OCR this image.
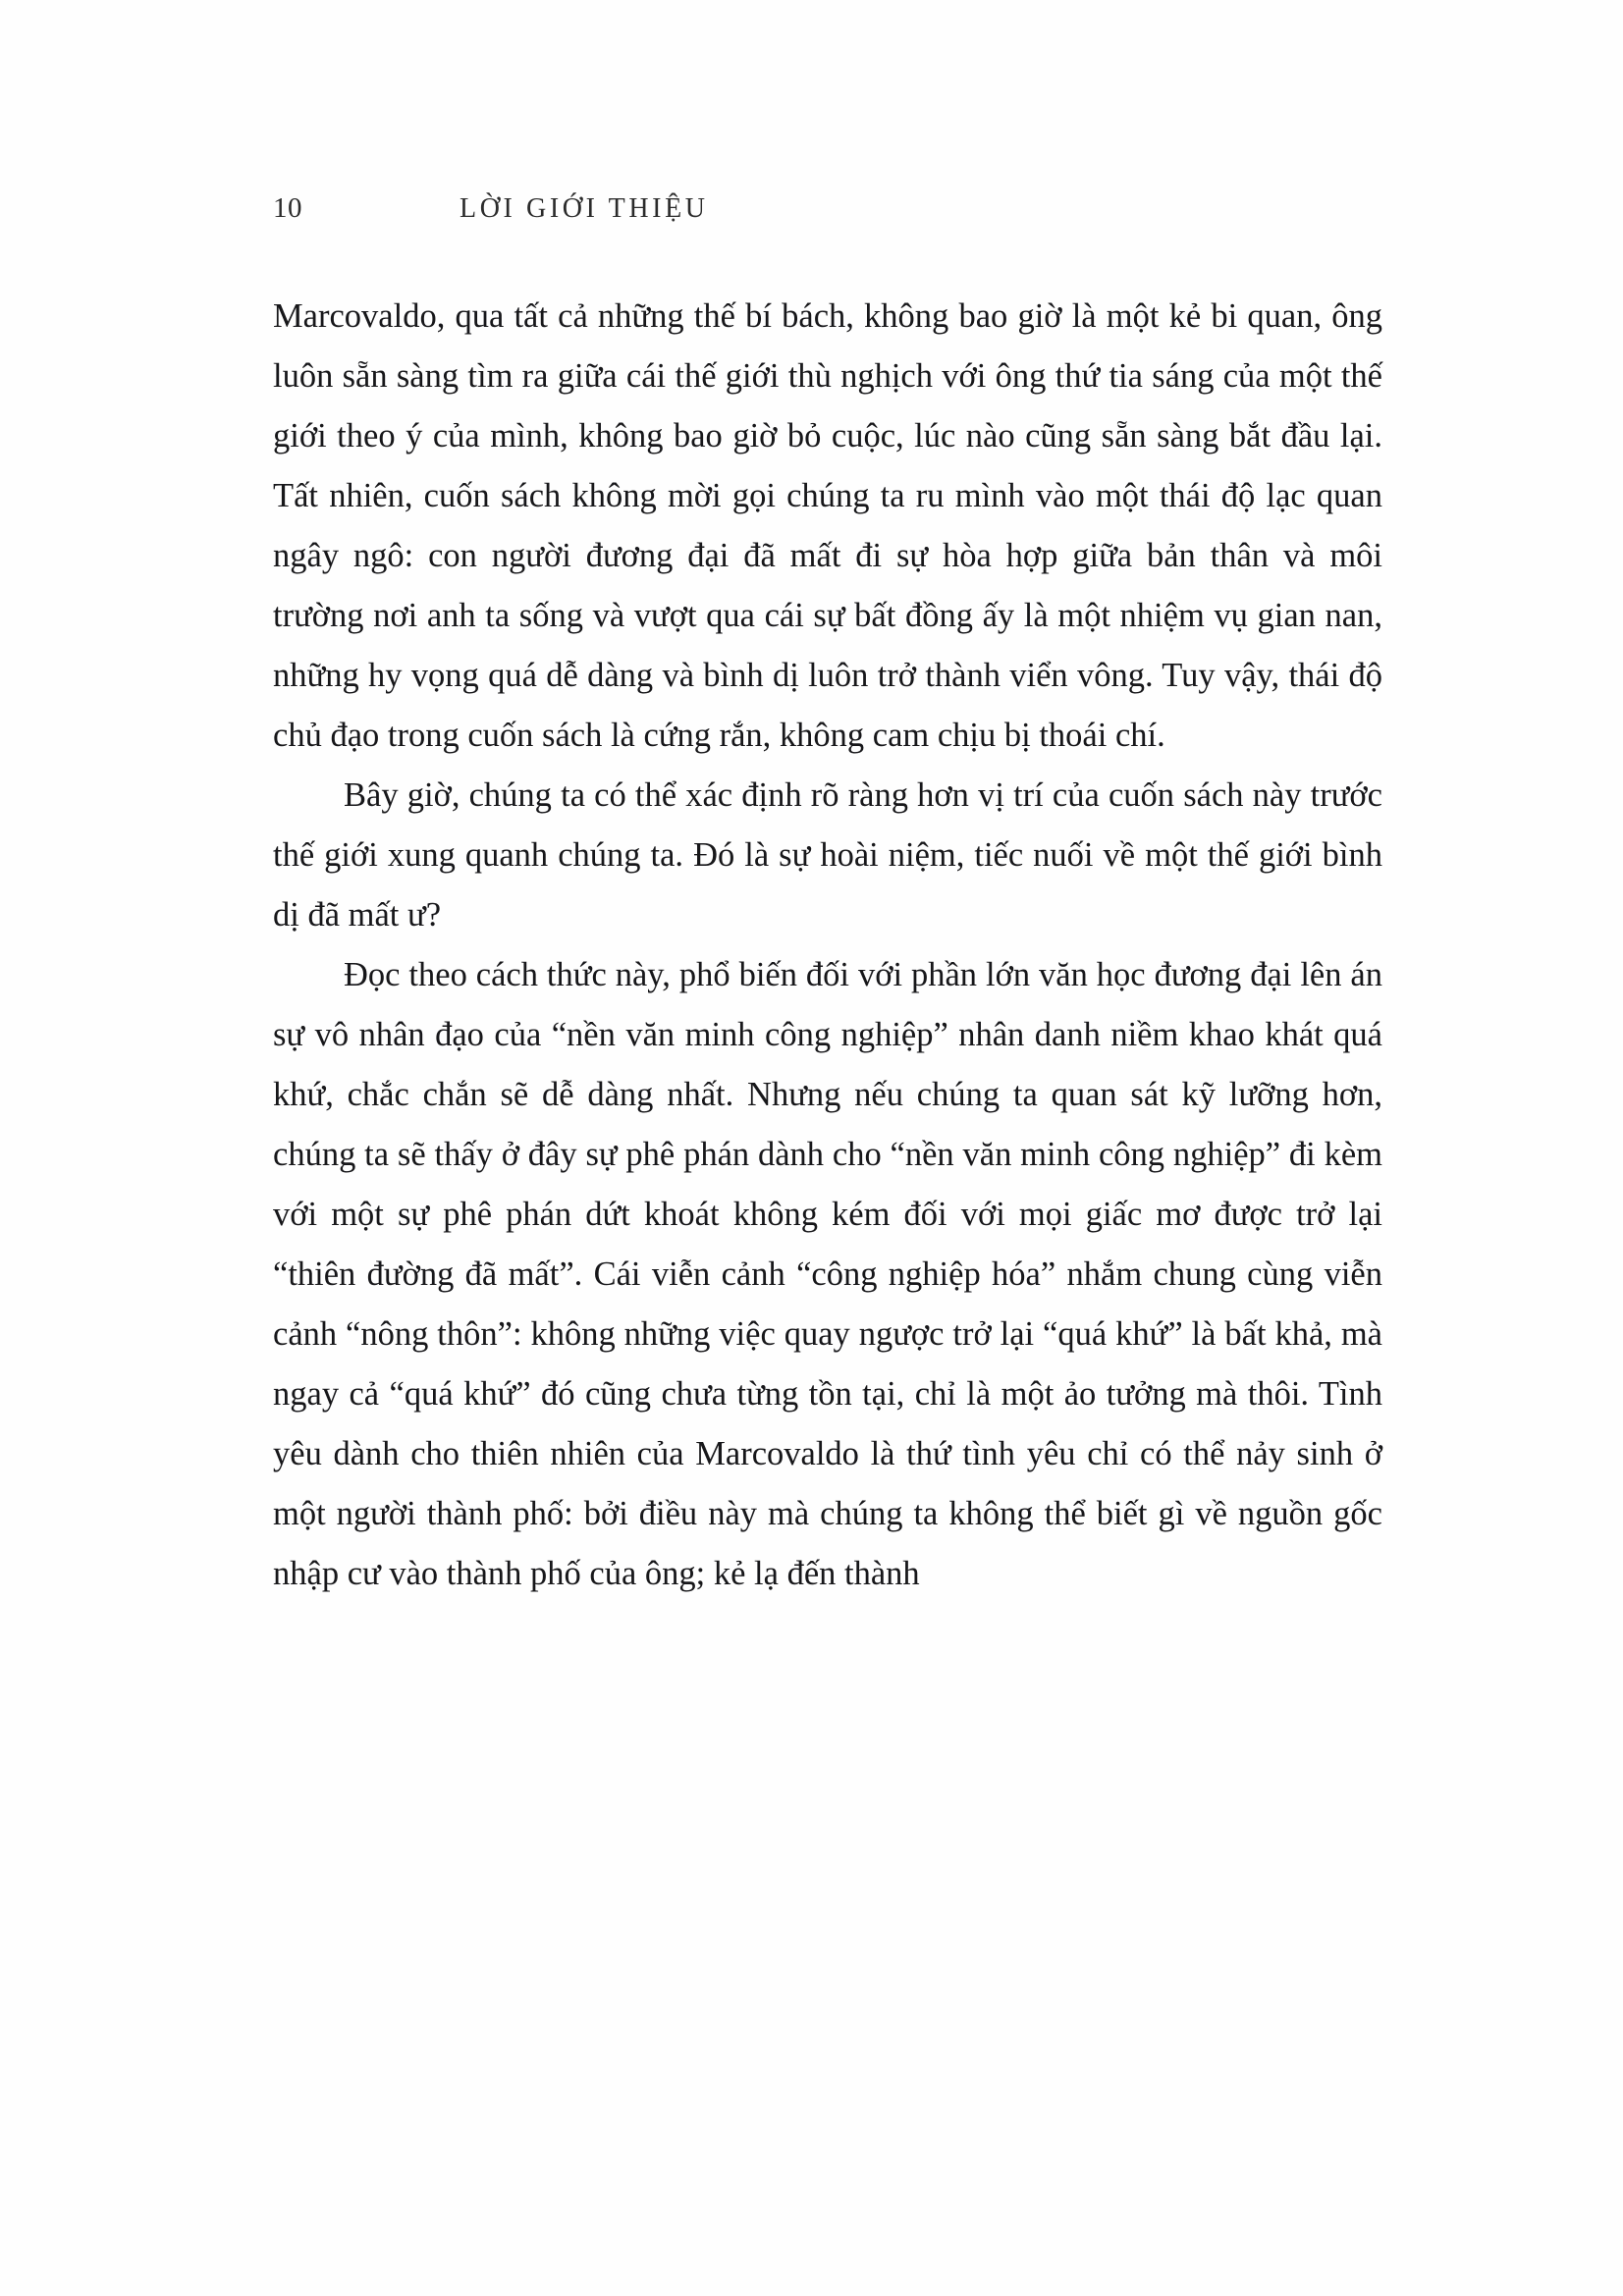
10	LỜI GIỚI THIỆU

Marcovaldo, qua tất cả những thế bí bách, không bao giờ là một kẻ bi quan, ông luôn sẵn sàng tìm ra giữa cái thế giới thù nghịch với ông thứ tia sáng của một thế giới theo ý của mình, không bao giờ bỏ cuộc, lúc nào cũng sẵn sàng bắt đầu lại. Tất nhiên, cuốn sách không mời gọi chúng ta ru mình vào một thái độ lạc quan ngây ngô: con người đương đại đã mất đi sự hòa hợp giữa bản thân và môi trường nơi anh ta sống và vượt qua cái sự bất đồng ấy là một nhiệm vụ gian nan, những hy vọng quá dễ dàng và bình dị luôn trở thành viển vông. Tuy vậy, thái độ chủ đạo trong cuốn sách là cứng rắn, không cam chịu bị thoái chí.

Bây giờ, chúng ta có thể xác định rõ ràng hơn vị trí của cuốn sách này trước thế giới xung quanh chúng ta. Đó là sự hoài niệm, tiếc nuối về một thế giới bình dị đã mất ư?

Đọc theo cách thức này, phổ biến đối với phần lớn văn học đương đại lên án sự vô nhân đạo của “nền văn minh công nghiệp” nhân danh niềm khao khát quá khứ, chắc chắn sẽ dễ dàng nhất. Nhưng nếu chúng ta quan sát kỹ lưỡng hơn, chúng ta sẽ thấy ở đây sự phê phán dành cho “nền văn minh công nghiệp” đi kèm với một sự phê phán dứt khoát không kém đối với mọi giấc mơ được trở lại “thiên đường đã mất”. Cái viễn cảnh “công nghiệp hóa” nhắm chung cùng viễn cảnh “nông thôn”: không những việc quay ngược trở lại “quá khứ” là bất khả, mà ngay cả “quá khứ” đó cũng chưa từng tồn tại, chỉ là một ảo tưởng mà thôi. Tình yêu dành cho thiên nhiên của Marcovaldo là thứ tình yêu chỉ có thể nảy sinh ở một người thành phố: bởi điều này mà chúng ta không thể biết gì về nguồn gốc nhập cư vào thành phố của ông; kẻ lạ đến thành
